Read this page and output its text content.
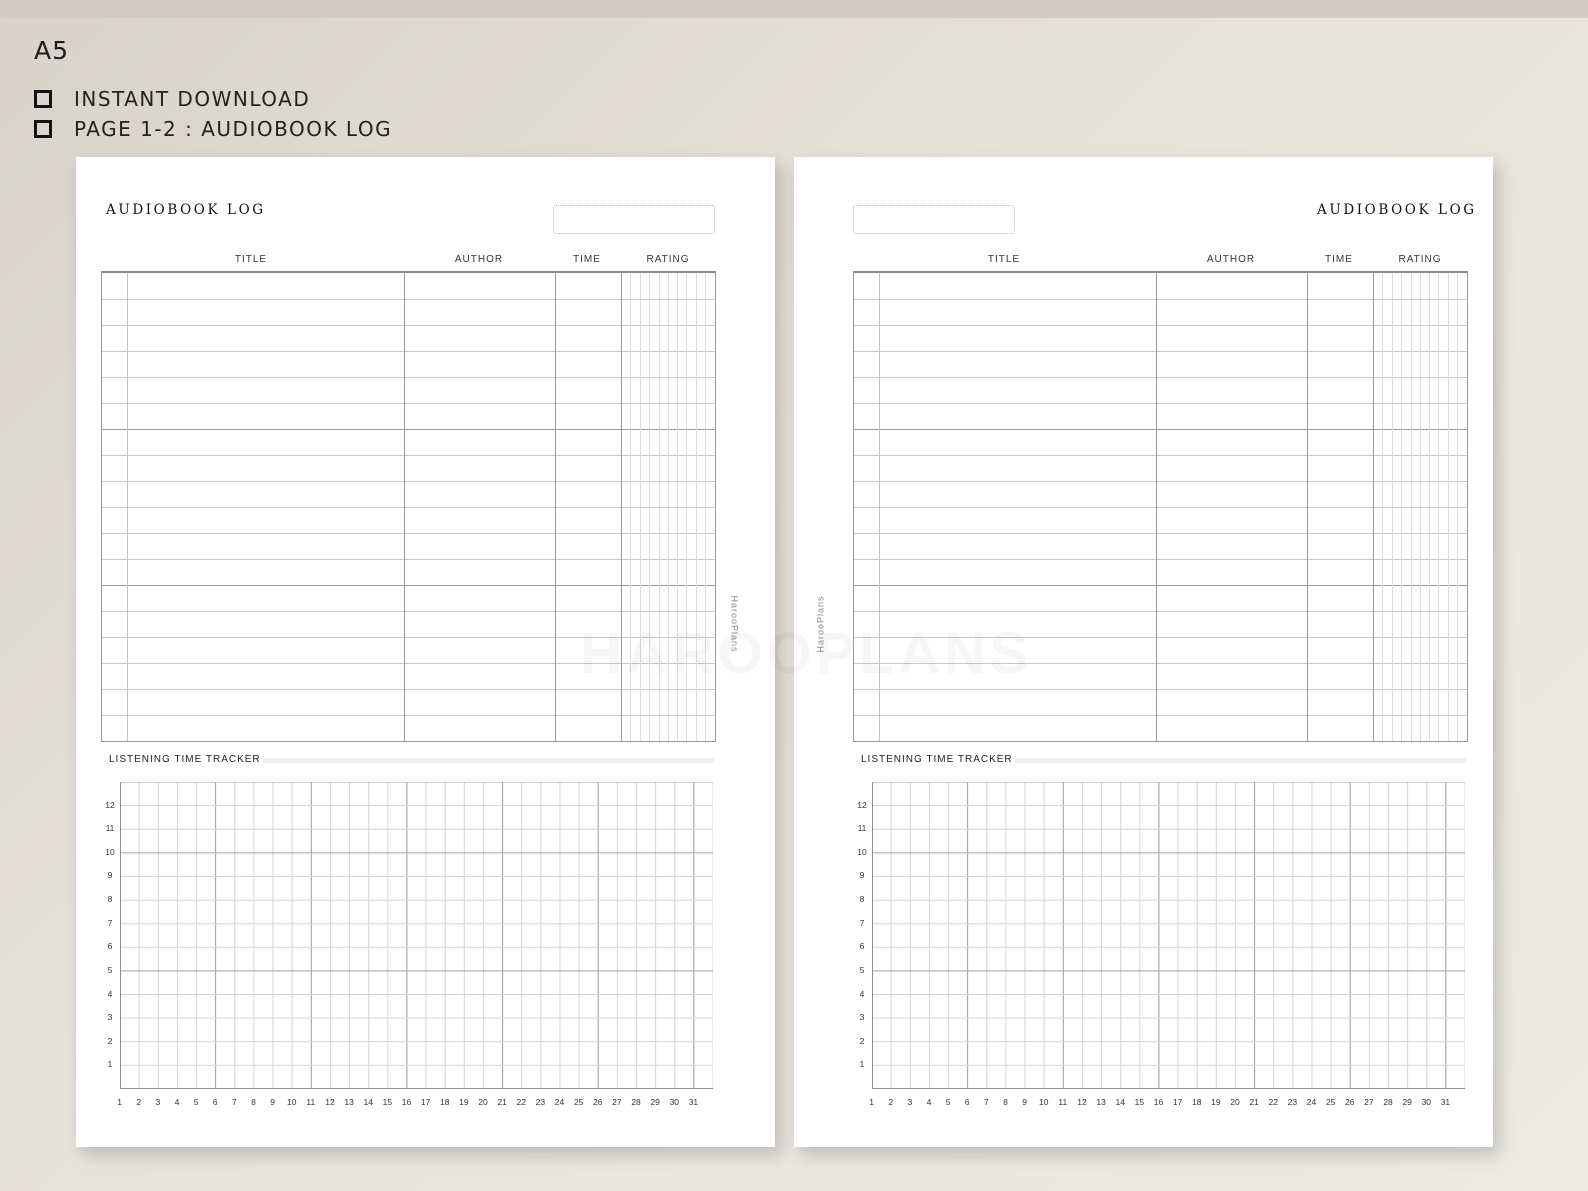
A5
INSTANT DOWNLOAD
PAGE 1-2 : AUDIOBOOK LOG
AUDIOBOOK LOG
TITLE	AUTHOR	TIME	RATING
LISTENING TIME TRACKER
12
11
10
9
8
7
6
5
4
3
2
1
1	2	3	4	5	6	7	8	9	10	11	12	13	14	15	16	17	18	19	20	21	22	23	24	25	26	27	28	29	30	31
HarooPlans
AUDIOBOOK LOG
TITLE	AUTHOR	TIME	RATING
LISTENING TIME TRACKER
12
11
10
9
8
7
6
5
4
3
2
1
1	2	3	4	5	6	7	8	9	10	11	12	13	14	15	16	17	18	19	20	21	22	23	24	25	26	27	28	29	30	31
HarooPlans
